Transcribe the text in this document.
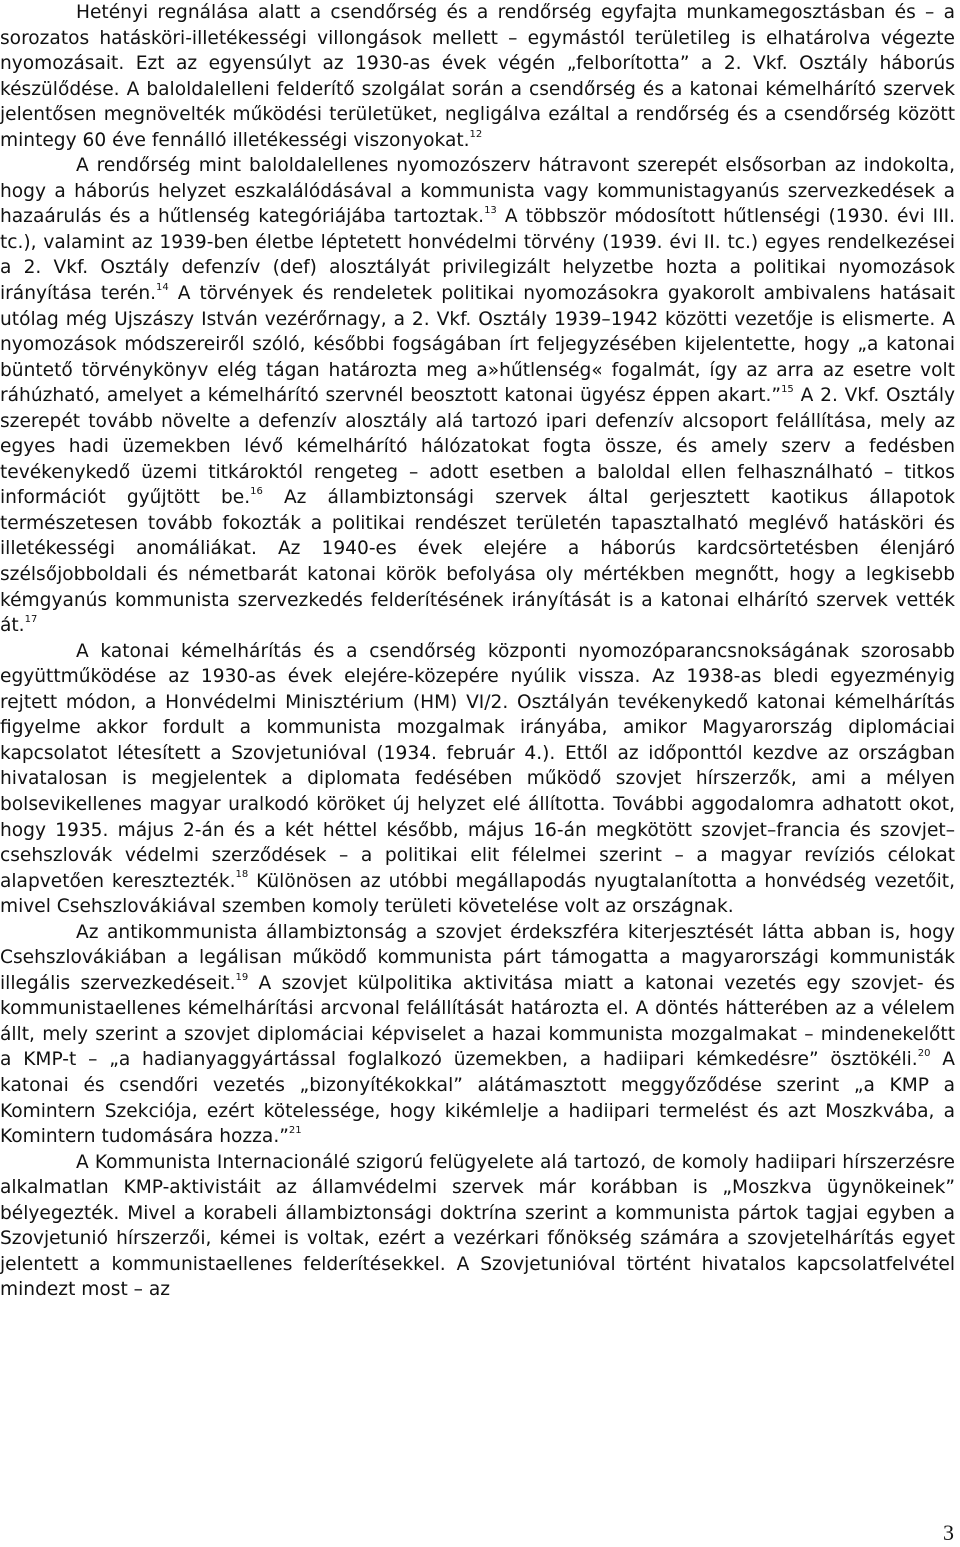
Hetényi regnálása alatt a csendőrség és a rendőrség egyfajta munkamegosztásban és – a sorozatos hatásköri-illetékességi villongások mellett – egymástól területileg is elhatárolva végezte nyomozásait. Ezt az egyensúlyt az 1930-as évek végén „felborította” a 2. Vkf. Osztály háborús készülődése. A baloldalelleni felderítő szolgálat során a csendőrség és a katonai kémelhárító szervek jelentősen megnövelték működési területüket, negligálva ezáltal a rendőrség és a csendőrség között mintegy 60 éve fennálló illetékességi viszonyokat.$^{12}$

A rendőrség mint baloldalellenes nyomozószerv hátravont szerepét elsősorban az indokolta, hogy a háborús helyzet eszkalálódásával a kommunista vagy kommunistagyanús szervezkedések a hazaárulás és a hűtlenség kategóriájába tartoztak.$^{13}$ A többször módosított hűtlenségi (1930. évi III. tc.), valamint az 1939-ben életbe léptetett honvédelmi törvény (1939. évi II. tc.) egyes rendelkezései a 2. Vkf. Osztály defenzív (def) alosztályát privilegizált helyzetbe hozta a politikai nyomozások irányítása terén.$^{14}$ A törvények és rendeletek politikai nyomozásokra gyakorolt ambivalens hatásait utólag még Ujszászy István vezérőrnagy, a 2. Vkf. Osztály 1939–1942 közötti vezetője is elismerte. A nyomozások módszereiről szóló, későbbi fogságában írt feljegyzésében kijelentette, hogy „a katonai büntető törvénykönyv elég tágan határozta meg a»hűtlenség« fogalmát, így az arra az esetre volt ráhúzható, amelyet a kémelhárító szervnél beosztott katonai ügyész éppen akart.”$^{15}$ A 2. Vkf. Osztály szerepét tovább növelte a defenzív alosztály alá tartozó ipari defenzív alcsoport felállítása, mely az egyes hadi üzemekben lévő kémelhárító hálózatokat fogta össze, és amely szerv a fedésben tevékenykedő üzemi titkároktól rengeteg – adott esetben a baloldal ellen felhasználható – titkos információt gyűjtött be.$^{16}$ Az állambiztonsági szervek által gerjesztett kaotikus állapotok természetesen tovább fokozták a politikai rendészet területén tapasztalható meglévő hatásköri és illetékességi anomáliákat. Az 1940-es évek elejére a háborús kardcsörtetésben élenjáró szélsőjobboldali és németbarát katonai körök befolyása oly mértékben megnőtt, hogy a legkisebb kémgyanús kommunista szervezkedés felderítésének irányítását is a katonai elhárító szervek vették át.$^{17}$

A katonai kémelhárítás és a csendőrség központi nyomozóparancsnokságának szorosabb együttműködése az 1930-as évek elejére-közepére nyúlik vissza. Az 1938-as bledi egyezményig rejtett módon, a Honvédelmi Minisztérium (HM) VI/2. Osztályán tevékenykedő katonai kémelhárítás figyelme akkor fordult a kommunista mozgalmak irányába, amikor Magyarország diplomáciai kapcsolatot létesített a Szovjetunióval (1934. február 4.). Ettől az időponttól kezdve az országban hivatalosan is megjelentek a diplomata fedésében működő szovjet hírszerzők, ami a mélyen bolsevikellenes magyar uralkodó köröket új helyzet elé állította. További aggodalomra adhatott okot, hogy 1935. május 2-án és a két héttel később, május 16-án megkötött szovjet–francia és szovjet–csehszlovák védelmi szerződések – a politikai elit félelmei szerint – a magyar revíziós célokat alapvetően keresztezték.$^{18}$ Különösen az utóbbi megállapodás nyugtalanította a honvédség vezetőit, mivel Csehszlovákiával szemben komoly területi követelése volt az országnak.

Az antikommunista állambiztonság a szovjet érdekszféra kiterjesztését látta abban is, hogy Csehszlovákiában a legálisan működő kommunista párt támogatta a magyarországi kommunisták illegális szervezkedéseit.$^{19}$ A szovjet külpolitika aktivitása miatt a katonai vezetés egy szovjet- és kommunistaellenes kémelhárítási arcvonal felállítását határozta el. A döntés hátterében az a vélelem állt, mely szerint a szovjet diplomáciai képviselet a hazai kommunista mozgalmakat – mindenekelőtt a KMP-t – „a hadianyaggyártással foglalkozó üzemekben, a hadiipari kémkedésre” ösztökéli.$^{20}$ A katonai és csendőri vezetés „bizonyítékokkal” alátámasztott meggyőződése szerint „a KMP a Komintern Szekciója, ezért kötelessége, hogy kikémlelje a hadiipari termelést és azt Moszkvába, a Komintern tudomására hozza.”$^{21}$

A Kommunista Internacionálé szigorú felügyelete alá tartozó, de komoly hadiipari hírszerzésre alkalmatlan KMP-aktivistáit az államvédelmi szervek már korábban is „Moszkva ügynökeinek” bélyegezték. Mivel a korabeli állambiztonsági doktrína szerint a kommunista pártok tagjai egyben a Szovjetunió hírszerzői, kémei is voltak, ezért a vezérkari főnökség számára a szovjetelhárítás egyet jelentett a kommunistaellenes felderítésekkel. A Szovjetunióval történt hivatalos kapcsolatfelvétel mindezt most – az

3
